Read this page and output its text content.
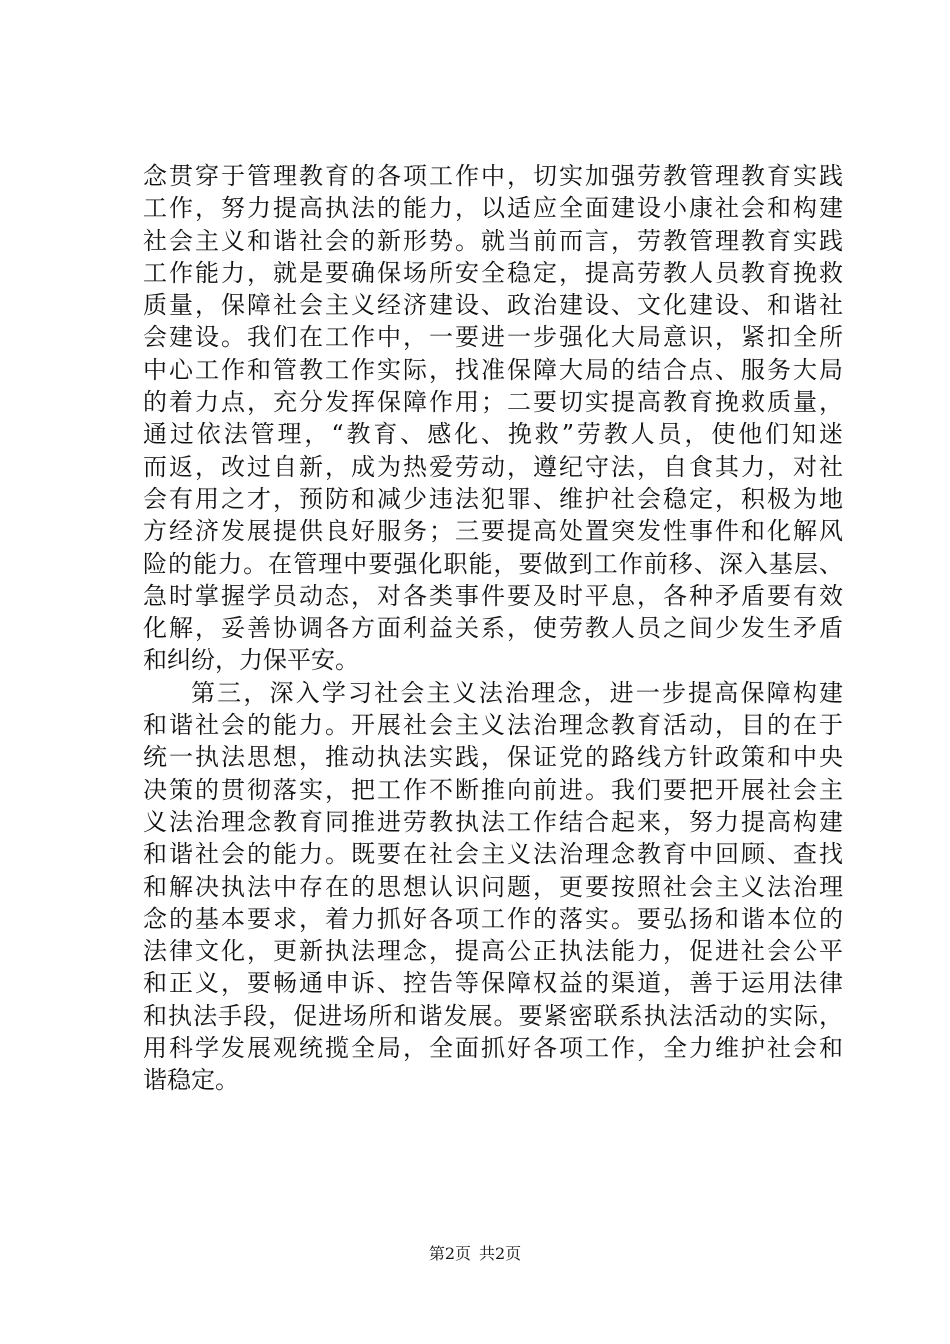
念贯穿于管理教育的各项工作中，切实加强劳教管理教育实践
工作，努力提高执法的能力，以适应全面建设小康社会和构建
社会主义和谐社会的新形势。就当前而言，劳教管理教育实践
工作能力，就是要确保场所安全稳定，提高劳教人员教育挽救
质量，保障社会主义经济建设、政治建设、文化建设、和谐社
会建设。我们在工作中，一要进一步强化大局意识，紧扣全所
中心工作和管教工作实际，找准保障大局的结合点、服务大局
的着力点，充分发挥保障作用；二要切实提高教育挽救质量，
通过依法管理，“教育、感化、挽救”劳教人员，使他们知迷
而返，改过自新，成为热爱劳动，遵纪守法，自食其力，对社
会有用之才，预防和减少违法犯罪、维护社会稳定，积极为地
方经济发展提供良好服务；三要提高处置突发性事件和化解风
险的能力。在管理中要强化职能，要做到工作前移、深入基层、
急时掌握学员动态，对各类事件要及时平息，各种矛盾要有效
化解，妥善协调各方面利益关系，使劳教人员之间少发生矛盾
和纠纷，力保平安。
第三，深入学习社会主义法治理念，进一步提高保障构建
和谐社会的能力。开展社会主义法治理念教育活动，目的在于
统一执法思想，推动执法实践，保证党的路线方针政策和中央
决策的贯彻落实，把工作不断推向前进。我们要把开展社会主
义法治理念教育同推进劳教执法工作结合起来，努力提高构建
和谐社会的能力。既要在社会主义法治理念教育中回顾、查找
和解决执法中存在的思想认识问题，更要按照社会主义法治理
念的基本要求，着力抓好各项工作的落实。要弘扬和谐本位的
法律文化，更新执法理念，提高公正执法能力，促进社会公平
和正义，要畅通申诉、控告等保障权益的渠道，善于运用法律
和执法手段，促进场所和谐发展。要紧密联系执法活动的实际，
用科学发展观统揽全局，全面抓好各项工作，全力维护社会和
谐稳定。
第2页 共2页
